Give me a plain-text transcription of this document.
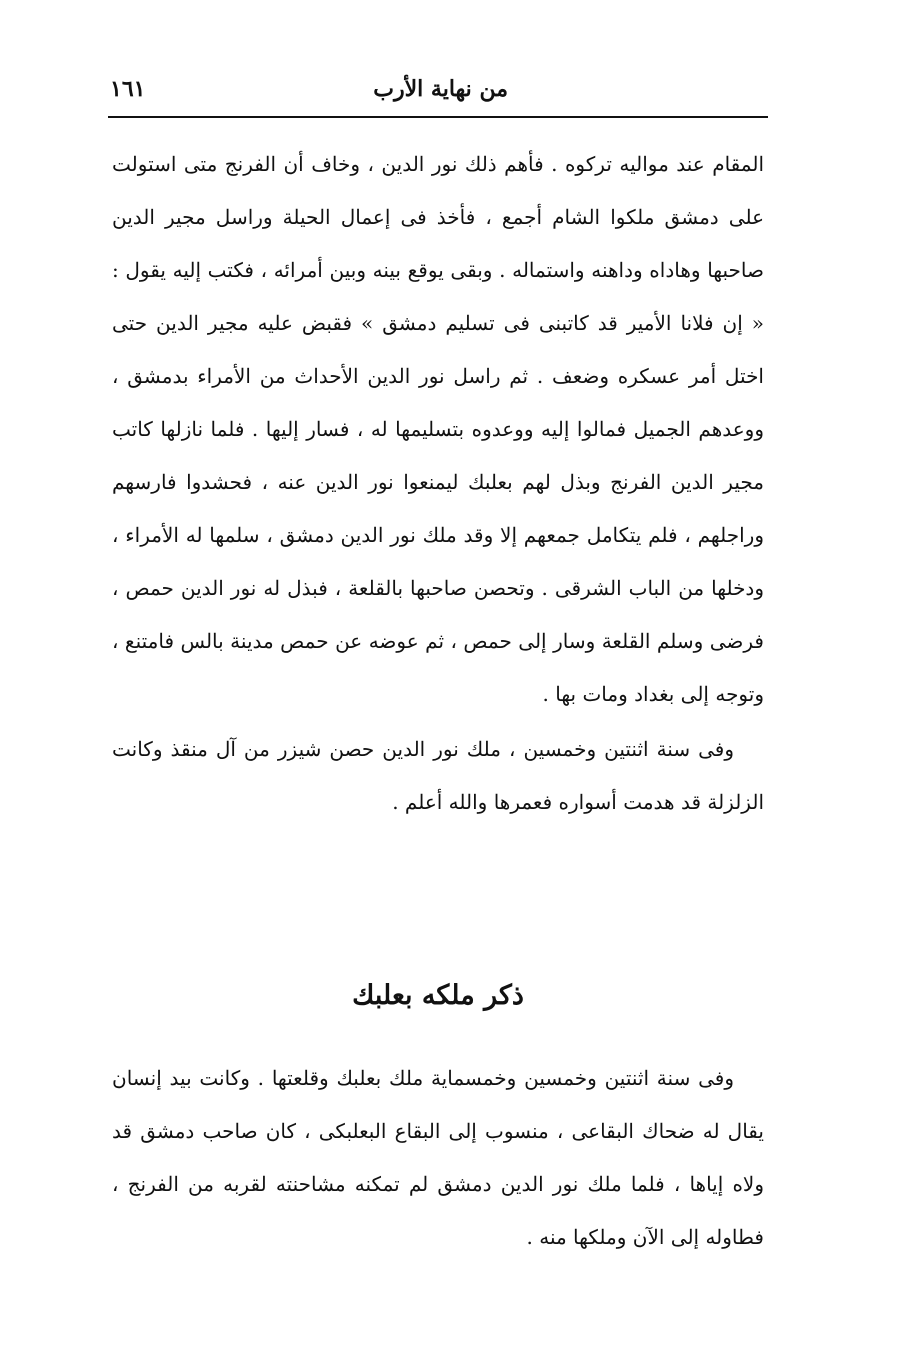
من نهاية الأرب
١٦١

المقام عند مواليه تركوه . فأهم ذلك نور الدين ، وخاف أن الفرنج متى استولت على دمشق ملكوا الشام أجمع ، فأخذ فى إعمال الحيلة وراسل مجير الدين صاحبها وهاداه وداهنه واستماله . وبقى يوقع بينه وبين أمرائه ، فكتب إليه يقول : « إن فلانا الأمير قد كاتبنى فى تسليم دمشق » فقبض عليه مجير الدين حتى اختل أمر عسكره وضعف . ثم راسل نور الدين الأحداث من الأمراء بدمشق ، ووعدهم الجميل فمالوا إليه ووعدوه بتسليمها له ، فسار إليها . فلما نازلها كاتب مجير الدين الفرنج وبذل لهم بعلبك ليمنعوا نور الدين عنه ، فحشدوا فارسهم وراجلهم ، فلم يتكامل جمعهم إلا وقد ملك نور الدين دمشق ، سلمها له الأمراء ، ودخلها من الباب الشرقى . وتحصن صاحبها بالقلعة ، فبذل له نور الدين حمص ، فرضى وسلم القلعة وسار إلى حمص ، ثم عوضه عن حمص مدينة بالس فامتنع ، وتوجه إلى بغداد ومات بها .

وفى سنة اثنتين وخمسين ، ملك نور الدين حصن شيزر من آل منقذ وكانت الزلزلة قد هدمت أسواره فعمرها والله أعلم .

ذكر ملكه بعلبك

وفى سنة اثنتين وخمسين وخمسماية ملك بعلبك وقلعتها . وكانت بيد إنسان يقال له ضحاك البقاعى ، منسوب إلى البقاع البعلبكى ، كان صاحب دمشق قد ولاه إياها ، فلما ملك نور الدين دمشق لم تمكنه مشاحنته لقربه من الفرنج ، فطاوله إلى الآن وملكها منه .
